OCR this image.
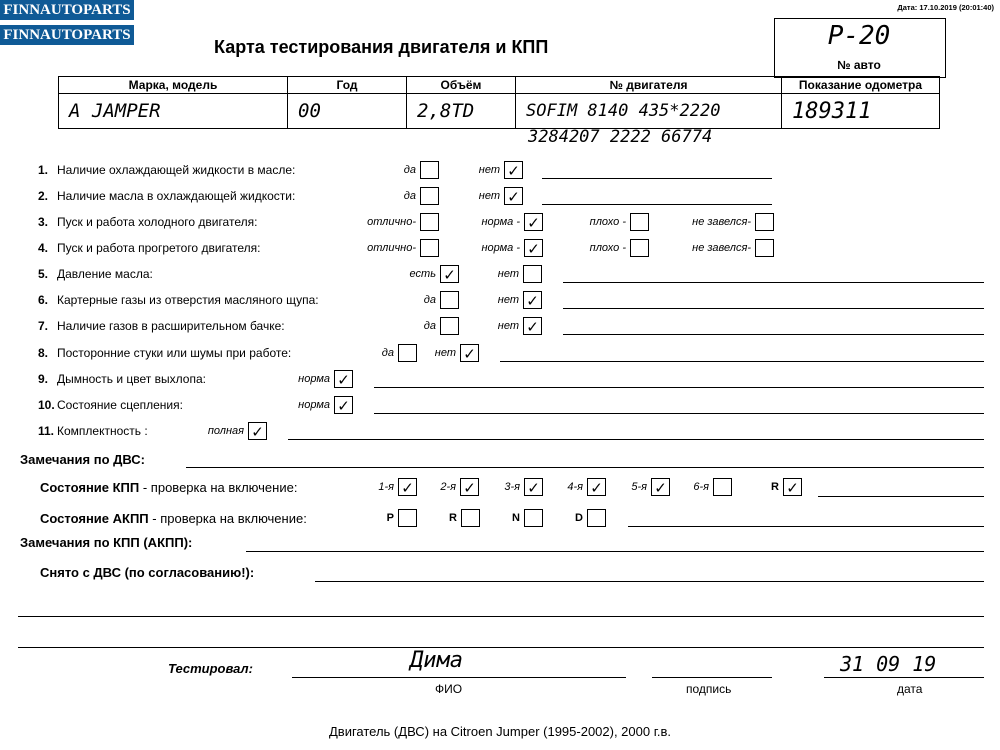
FINNAUTOPARTS
FINNAUTOPARTS
Дата: 17.10.2019 (20:01:40)
Карта тестирования двигателя и КПП	P-20
№ авто
Марка, модель	Год	Объём	№ двигателя	Показание одометра
A JAMPER	00	2,8TD	SOFIM 8140 435*2220	189311
3284207 2222 66774
1. Наличие охлаждающей жидкости в масле:	да	нет ✓
2. Наличие масла в охлаждающей жидкости:	да	нет ✓
3. Пуск и работа холодного двигателя:	отлично-	норма - ✓	плохо -	не завелся-
4. Пуск и работа прогретого двигателя:	отлично-	норма - ✓	плохо -	не завелся-
5. Давление масла:	есть ✓	нет
6. Картерные газы из отверстия масляного щупа:	да	нет ✓
7. Наличие газов в расширительном бачке:	да	нет ✓
8. Посторонние стуки или шумы при работе:	да	нет ✓
9. Дымность и цвет выхлопа:	норма ✓
10. Состояние сцепления:	норма ✓
11. Комплектность :	полная ✓
Замечания по ДВС:
Состояние КПП - проверка на включение:	1-я ✓ 2-я ✓	3-я ✓	4-я ✓	5-я ✓ 6-я	R ✓
Состояние АКПП - проверка на включение:	P	R	N	D
Замечания по КПП (АКПП):
Снято с ДВС (по согласованию!):
Тестировал:	Дима	31 09 19
ФИО	подпись	дата
Двигатель (ДВС) на Citroen Jumper (1995-2002), 2000 г.в.
